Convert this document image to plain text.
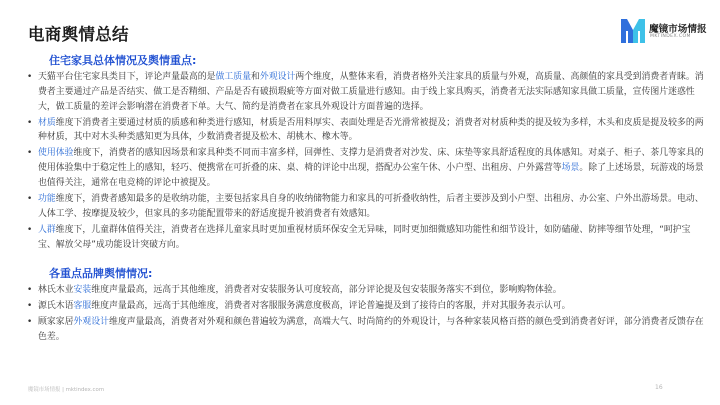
电商舆情总结	魔镜市场情报
MKTINDEX.COM
住宅家具总体情况及舆情重点:
• 天猫平台住宅家具类目下，评论声量最高的是做工质量和外观设计两个维度，从整体来看，消费者格外关注家具的质量与外观，高质量、高颜值的家具受到消费者青睐。消费者主要通过产品是否结实、做工是否精细、产品是否有破损瑕疵等方面对做工质量进行感知。由于线上家具购买，消费者无法实际感知家具做工质量，宣传图片迷惑性大，做工质量的差评会影响潜在消费者下单。大气、简约是消费者在家具外观设计方面普遍的选择。
• 材质维度下消费者主要通过材质的质感和种类进行感知，材质是否用料厚实、表面处理是否光滑常被提及；消费者对材质种类的提及较为多样，木头和皮质是提及较多的两种材质，其中对木头种类感知更为具体，少数消费者提及松木、胡桃木、橡木等。
• 使用体验维度下，消费者的感知因场景和家具种类不同而丰富多样，回弹性、支撑力是消费者对沙发、床、床垫等家具舒适程度的具体感知。对桌子、柜子、茶几等家具的使用体验集中于稳定性上的感知，轻巧、便携常在可折叠的床、桌、椅的评论中出现，搭配办公室午休、小户型、出租房、户外露营等场景。除了上述场景，玩游戏的场景也值得关注，通常在电竞椅的评论中被提及。
• 功能维度下，消费者感知最多的是收纳功能，主要包括家具自身的收纳储物能力和家具的可折叠收纳性，后者主要涉及到小户型、出租房、办公室、户外出游场景。电动、人体工学、按摩提及较少，但家具的多功能配置带来的舒适度提升被消费者有效感知。
• 人群维度下，儿童群体值得关注，消费者在选择儿童家具时更加重视材质环保安全无异味，同时更加细微感知功能性和细节设计，如防磕碰、防摔等细节处理，“呵护宝宝、解放父母”成功能设计突破方向。
各重点品牌舆情情况:
• 林氏木业安装维度声量最高，远高于其他维度，消费者对安装服务认可度较高，部分评论提及包安装服务落实不到位，影响购物体验。
• 源氏木语客服维度声量最高，远高于其他维度，消费者对客服服务满意度极高，评论普遍提及到了接待白的客服，并对其服务表示认可。
• 顾家家居外观设计维度声量最高，消费者对外观和颜色普遍较为满意，高端大气、时尚简约的外观设计，与各种家装风格百搭的颜色受到消费者好评，部分消费者反馈存在色差。
魔镜市场情报 | mktindex.com	16
